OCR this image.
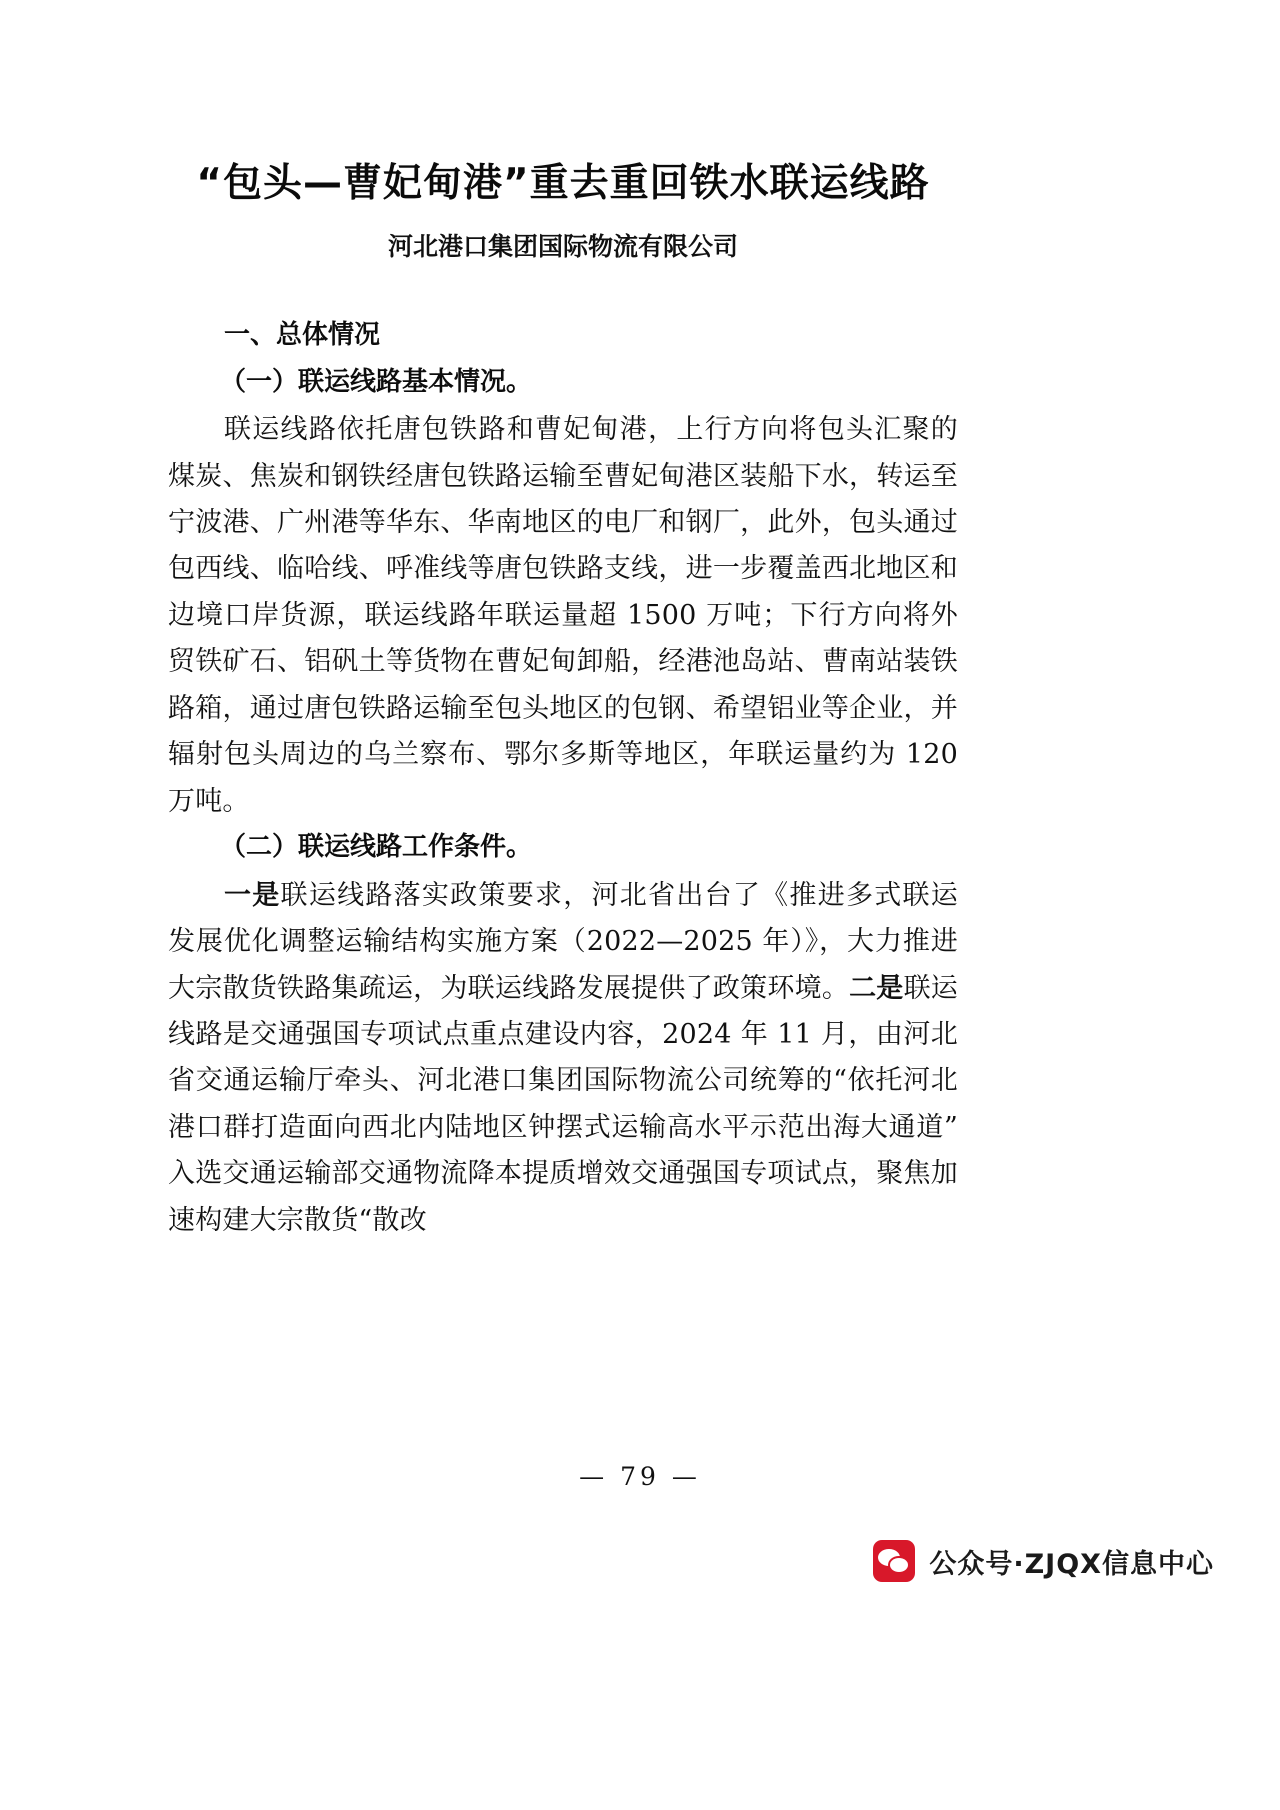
“包头—曹妃甸港”重去重回铁水联运线路
河北港口集团国际物流有限公司
一、总体情况
（一）联运线路基本情况。

联运线路依托唐包铁路和曹妃甸港，上行方向将包头汇聚的煤炭、焦炭和钢铁经唐包铁路运输至曹妃甸港区装船下水，转运至宁波港、广州港等华东、华南地区的电厂和钢厂，此外，包头通过包西线、临哈线、呼准线等唐包铁路支线，进一步覆盖西北地区和边境口岸货源，联运线路年联运量超 1500 万吨；下行方向将外贸铁矿石、铝矾土等货物在曹妃甸卸船，经港池岛站、曹南站装铁路箱，通过唐包铁路运输至包头地区的包钢、希望铝业等企业，并辐射包头周边的乌兰察布、鄂尔多斯等地区，年联运量约为 120 万吨。

（二）联运线路工作条件。

一是联运线路落实政策要求，河北省出台了《推进多式联运发展优化调整运输结构实施方案（2022—2025 年）》，大力推进大宗散货铁路集疏运，为联运线路发展提供了政策环境。二是联运线路是交通强国专项试点重点建设内容，2024 年 11 月，由河北省交通运输厅牵头、河北港口集团国际物流公司统筹的“依托河北港口群打造面向西北内陆地区钟摆式运输高水平示范出海大通道”入选交通运输部交通物流降本提质增效交通强国专项试点，聚焦加速构建大宗散货“散改

— 79 —
公众号·ZJQX信息中心
